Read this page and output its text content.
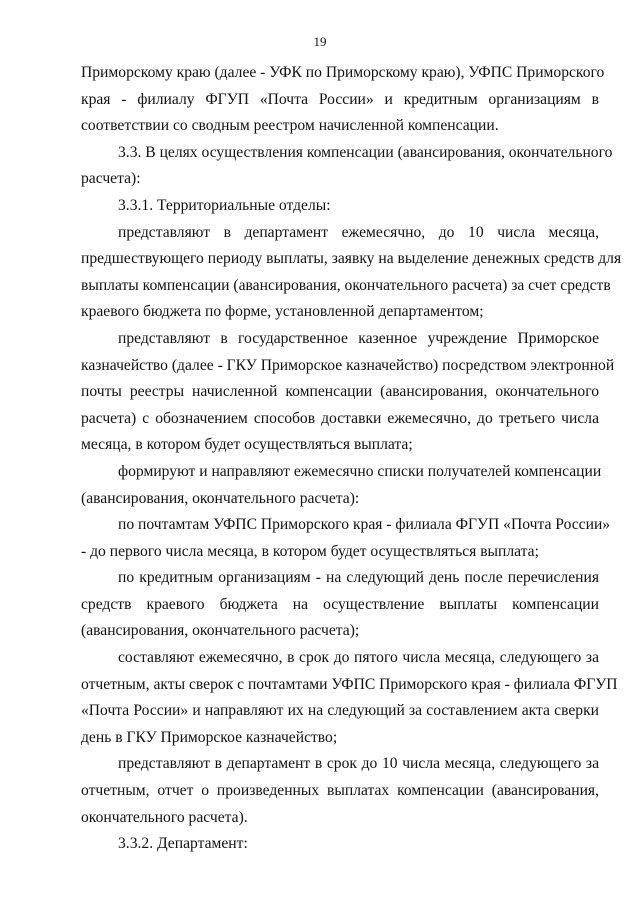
19
Приморскому краю (далее - УФК по Приморскому краю), УФПС Приморского
края - филиалу ФГУП «Почта России» и кредитным организациям в
соответствии со сводным реестром начисленной компенсации.
3.3. В целях осуществления компенсации (авансирования, окончательного
расчета):
3.3.1. Территориальные отделы:
представляют в департамент ежемесячно, до 10 числа месяца,
предшествующего периоду выплаты, заявку на выделение денежных средств для
выплаты компенсации (авансирования, окончательного расчета) за счет средств
краевого бюджета по форме, установленной департаментом;
представляют в государственное казенное учреждение Приморское
казначейство (далее - ГКУ Приморское казначейство) посредством электронной
почты реестры начисленной компенсации (авансирования, окончательного
расчета) с обозначением способов доставки ежемесячно, до третьего числа
месяца, в котором будет осуществляться выплата;
формируют и направляют ежемесячно списки получателей компенсации
(авансирования, окончательного расчета):
по почтамтам УФПС Приморского края - филиала ФГУП «Почта России»
- до первого числа месяца, в котором будет осуществляться выплата;
по кредитным организациям - на следующий день после перечисления
средств краевого бюджета на осуществление выплаты компенсации
(авансирования, окончательного расчета);
составляют ежемесячно, в срок до пятого числа месяца, следующего за
отчетным, акты сверок с почтамтами УФПС Приморского края - филиала ФГУП
«Почта России» и направляют их на следующий за составлением акта сверки
день в ГКУ Приморское казначейство;
представляют в департамент в срок до 10 числа месяца, следующего за
отчетным, отчет о произведенных выплатах компенсации (авансирования,
окончательного расчета).
3.3.2. Департамент:
